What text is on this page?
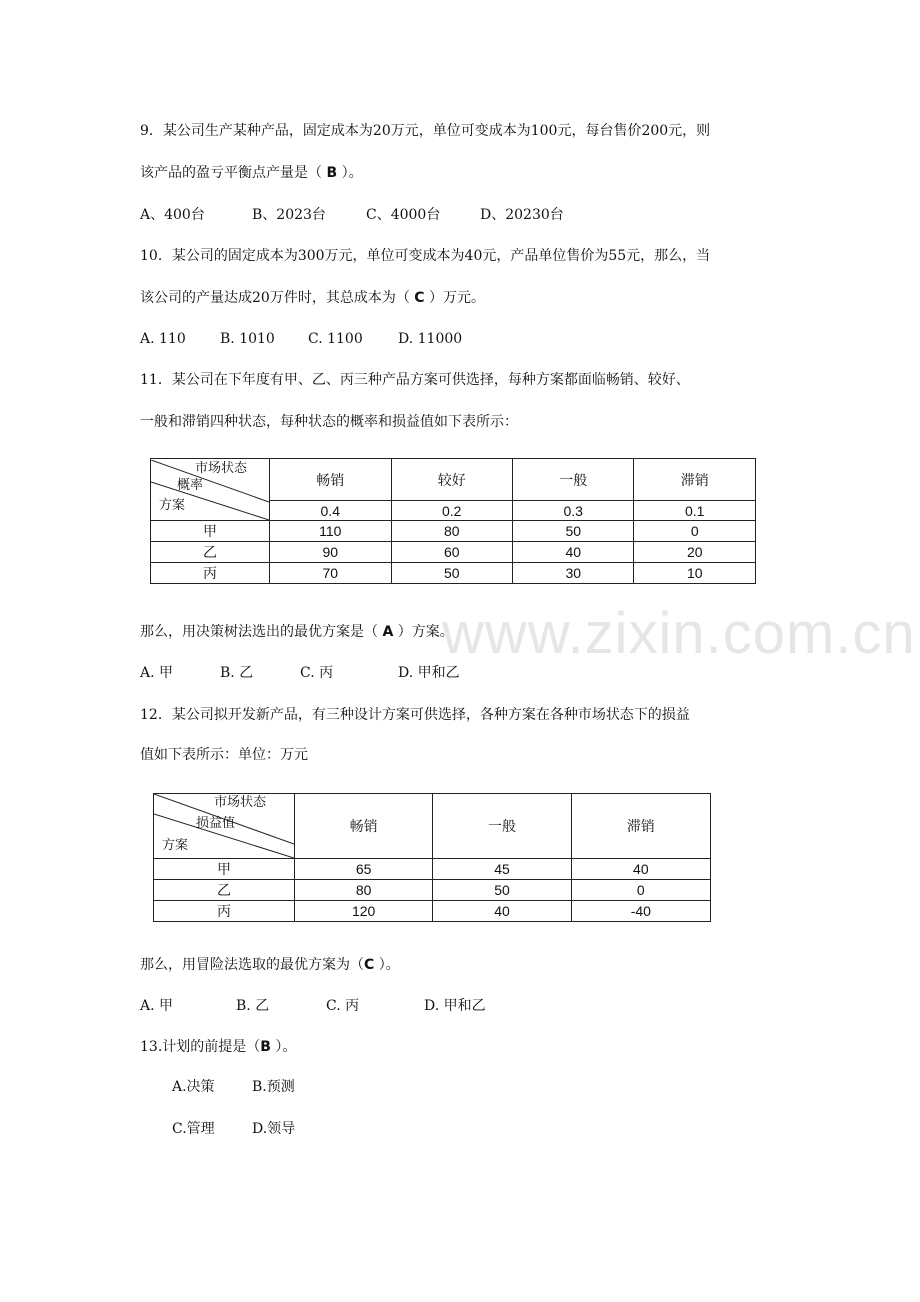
www.zixin.com.cn
9．某公司生产某种产品，固定成本为20万元，单位可变成本为100元，每台售价200元，则
该产品的盈亏平衡点产量是（ B ）。
A、400台	B、2023台	C、4000台	D、20230台
10．某公司的固定成本为300万元，单位可变成本为40元，产品单位售价为55元，那么，当
该公司的产量达成20万件时，其总成本为（ C ）万元。
A. 110 B. 1010 C. 1100	D. 11000
11．某公司在下年度有甲、乙、丙三种产品方案可供选择，每种方案都面临畅销、较好、
一般和滞销四种状态，每种状态的概率和损益值如下表所示：
市场状态
概率
方案	畅销	较好	一般	滞销
	0.4	0.2	0.3	0.1
甲	110	80	50	0
乙	90	60	40	20
丙	70	50	30	10
那么，用决策树法选出的最优方案是（ A ）方案。
A. 甲	B. 乙	C. 丙	D. 甲和乙
12．某公司拟开发新产品，有三种设计方案可供选择，各种方案在各种市场状态下的损益
值如下表所示：单位：万元
市场状态
损益值
方案	畅销	一般	滞销
甲	65	45	40
乙	80	50	0
丙	120	40	-40
那么，用冒险法选取的最优方案为（C ）。
A. 甲	B. 乙	C. 丙	D. 甲和乙
13.计划的前提是（B ）。
A.决策	B.预测
C.管理	D.领导
